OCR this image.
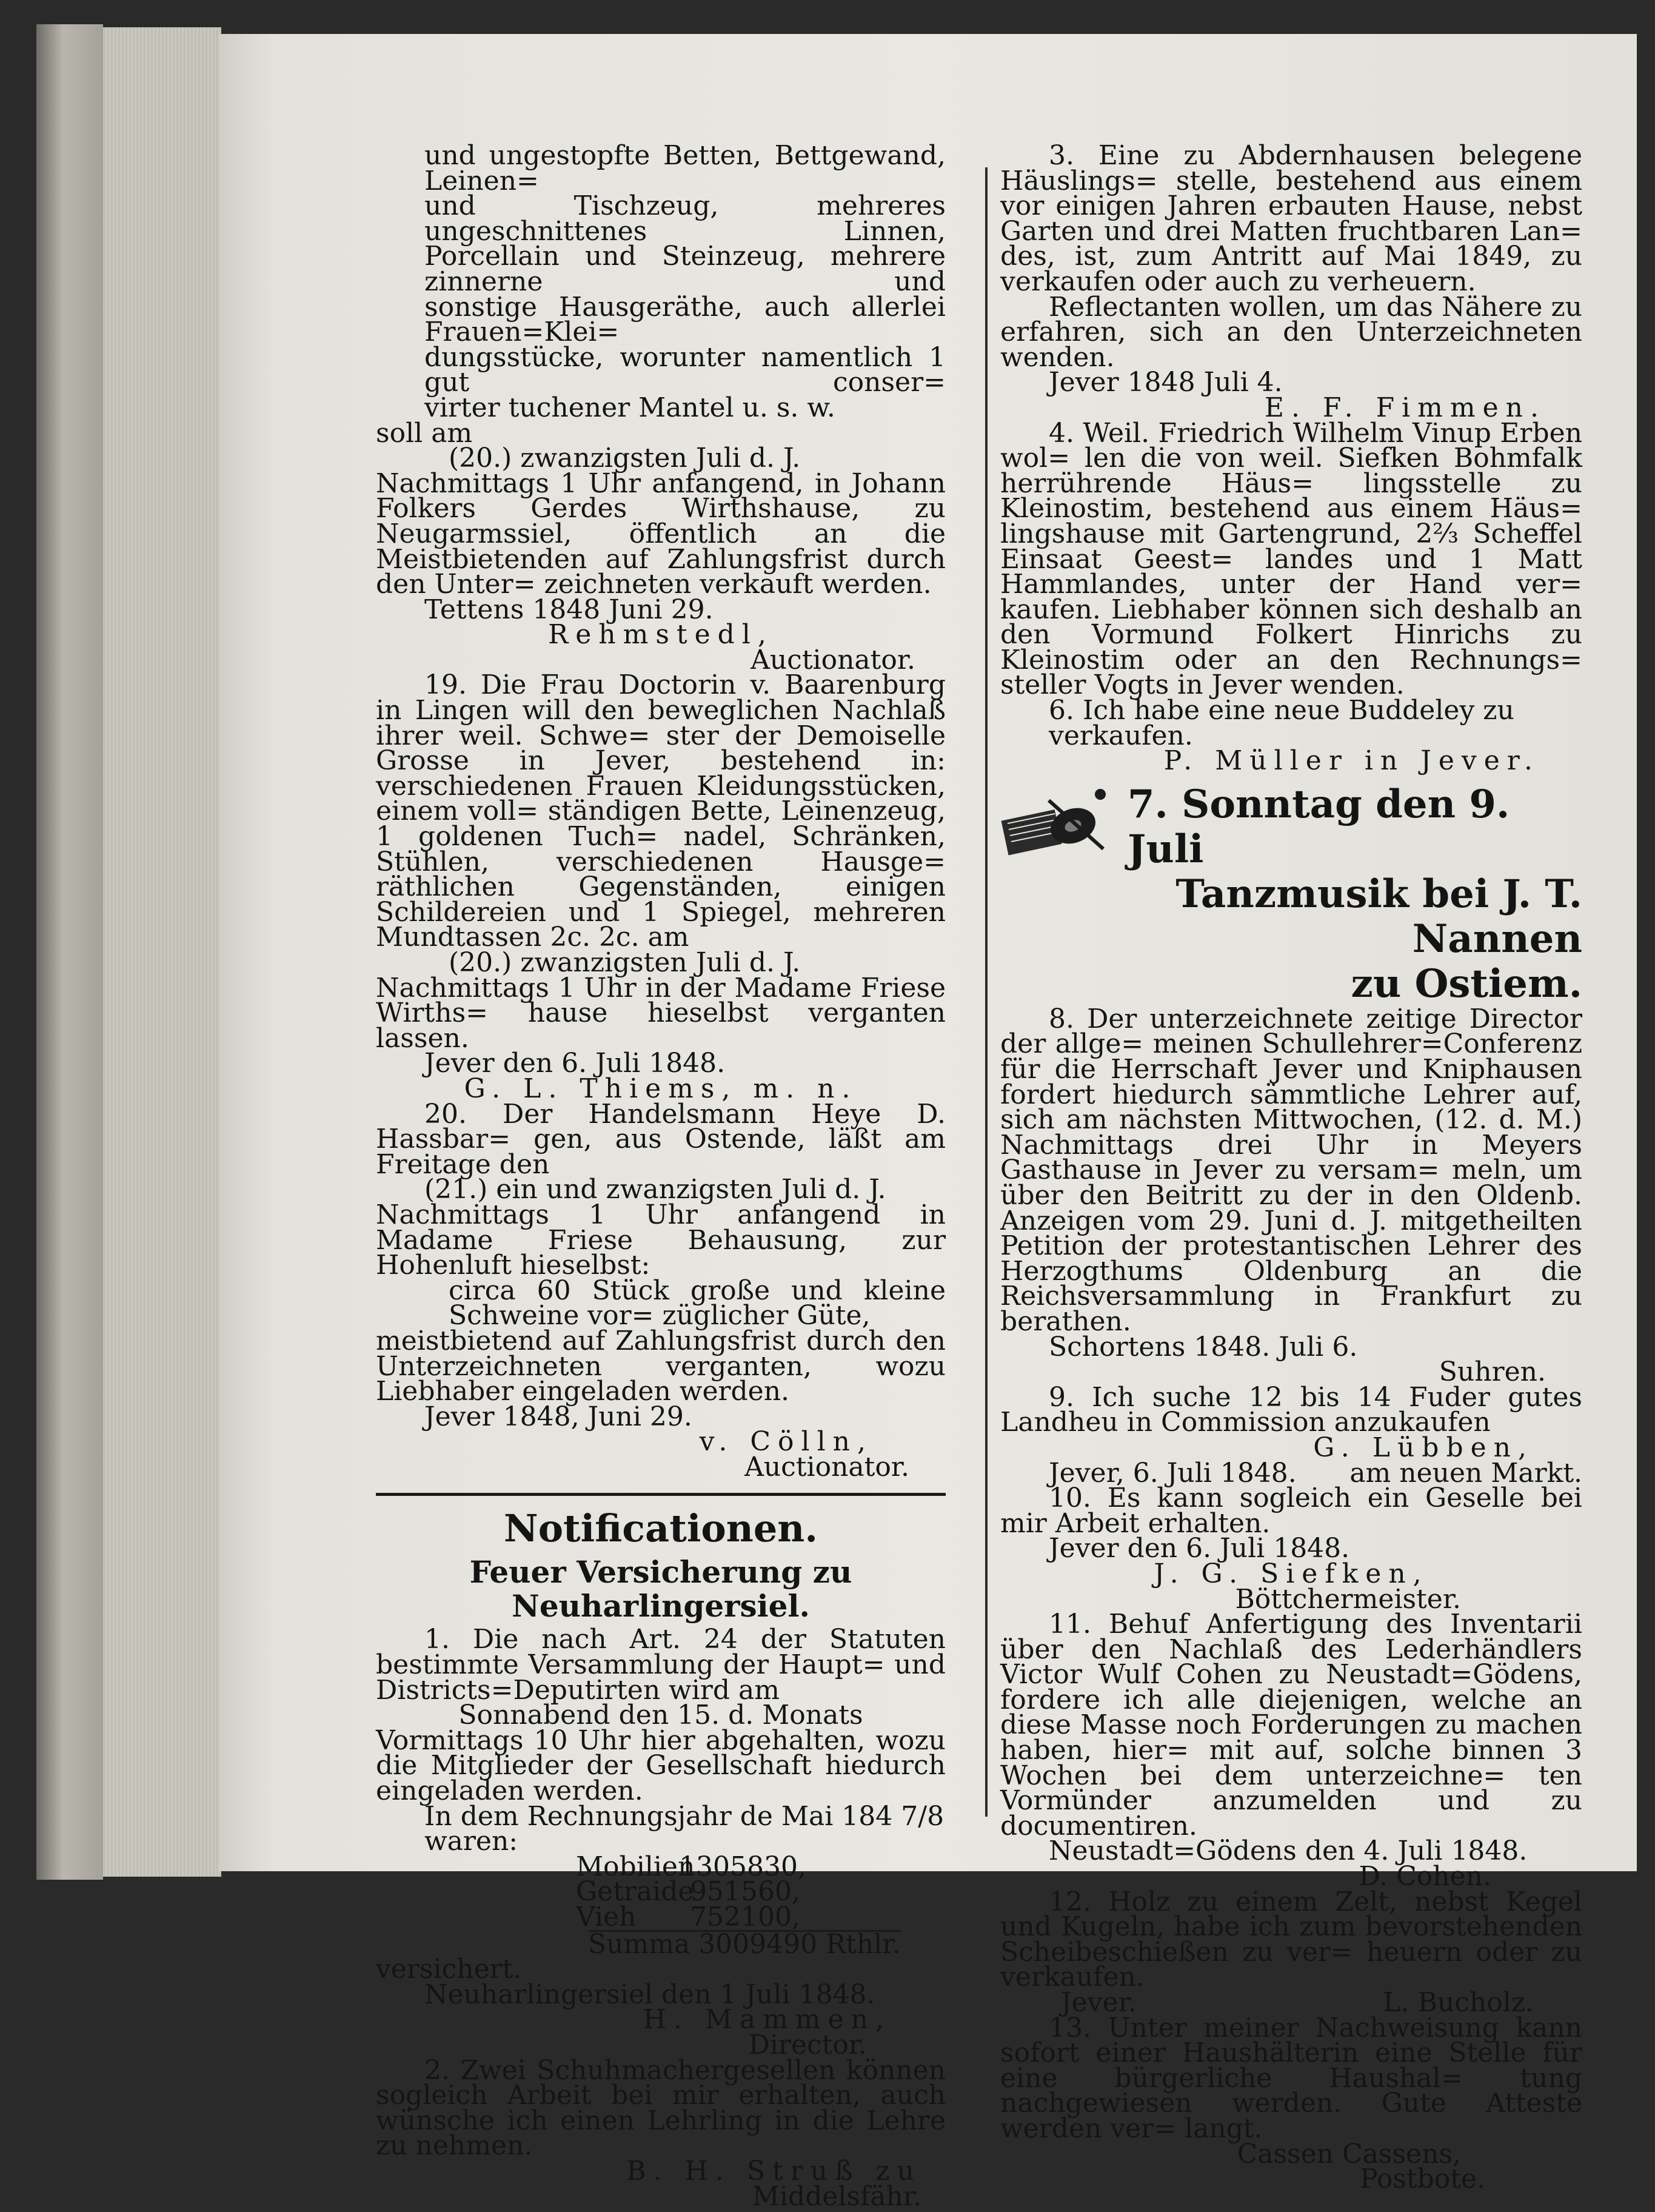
und ungestopfte Betten, Bettgewand, Leinen=

und Tischzeug, mehreres ungeschnittenes Linnen,

Porcellain und Steinzeug, mehrere zinnerne und

sonstige Hausgeräthe, auch allerlei Frauen=Klei=

dungsstücke, worunter namentlich 1 gut conser=

virter tuchener Mantel u. s. w.

soll am

(20.) zwanzigsten Juli d. J.

Nachmittags 1 Uhr anfangend, in Johann Folkers Gerdes Wirthshause, zu Neugarmssiel, öffentlich an die Meistbietenden auf Zahlungsfrist durch den Unter= zeichneten verkauft werden.

Tettens 1848 Juni 29.

Rehmstedl,

Auctionator.

19. Die Frau Doctorin v. Baarenburg in Lingen will den beweglichen Nachlaß ihrer weil. Schwe= ster der Demoiselle Grosse in Jever, bestehend in: verschiedenen Frauen Kleidungsstücken, einem voll= ständigen Bette, Leinenzeug, 1 goldenen Tuch= nadel, Schränken, Stühlen, verschiedenen Hausge= räthlichen Gegenständen, einigen Schildereien und 1 Spiegel, mehreren Mundtassen 2c. 2c. am

(20.) zwanzigsten Juli d. J.

Nachmittags 1 Uhr in der Madame Friese Wirths= hause hieselbst verganten lassen.

Jever den 6. Juli 1848.

G. L. Thiems, m. n.

20. Der Handelsmann Heye D. Hassbar= gen, aus Ostende, läßt am Freitage den

(21.) ein und zwanzigsten Juli d. J.

Nachmittags 1 Uhr anfangend in Madame Friese Behausung, zur Hohenluft hieselbst:

circa 60 Stück große und kleine Schweine vor= züglicher Güte,

meistbietend auf Zahlungsfrist durch den Unterzeichneten verganten, wozu Liebhaber eingeladen werden.

Jever 1848, Juni 29.

v. Cölln,

Auctionator.

Notificationen.

Feuer Versicherung zu Neuharlingersiel.

1. Die nach Art. 24 der Statuten bestimmte Versammlung der Haupt= und Districts=Deputirten wird am

Sonnabend den 15. d. Monats

Vormittags 10 Uhr hier abgehalten, wozu die Mitglieder der Gesellschaft hiedurch eingeladen werden.

In dem Rechnungsjahr de Mai 184 7/8 waren:

Mobilien1305830,
Getraide951560,
Vieh 752100,

Summa 3009490 Rthlr.

versichert.

Neuharlingersiel den 1 Juli 1848.

H. Mammen,

Director.

2. Zwei Schuhmachergesellen können sogleich Arbeit bei mir erhalten, auch wünsche ich einen Lehrling in die Lehre zu nehmen.

B. H. Struß zu

Middelsfähr.

3. Eine zu Abdernhausen belegene Häuslings= stelle, bestehend aus einem vor einigen Jahren erbauten Hause, nebst Garten und drei Matten fruchtbaren Lan= des, ist, zum Antritt auf Mai 1849, zu verkaufen oder auch zu verheuern.

Reflectanten wollen, um das Nähere zu erfahren, sich an den Unterzeichneten wenden.

Jever 1848 Juli 4.

E. F. Fimmen.

4. Weil. Friedrich Wilhelm Vinup Erben wol= len die von weil. Siefken Bohmfalk herrührende Häus= lingsstelle zu Kleinostim, bestehend aus einem Häus= lingshause mit Gartengrund, 2⅔ Scheffel Einsaat Geest= landes und 1 Matt Hammlandes, unter der Hand ver= kaufen. Liebhaber können sich deshalb an den Vormund Folkert Hinrichs zu Kleinostim oder an den Rechnungs= steller Vogts in Jever wenden.

6. Ich habe eine neue Buddeley zu verkaufen.

P. Müller in Jever.

7. Sonntag den 9. Juli

Tanzmusik bei J. T. Nannen

zu Ostiem.

8. Der unterzeichnete zeitige Director der allge= meinen Schullehrer=Conferenz für die Herrschaft Jever und Kniphausen fordert hiedurch sämmtliche Lehrer auf, sich am nächsten Mittwochen, (12. d. M.) Nachmittags drei Uhr in Meyers Gasthause in Jever zu versam= meln, um über den Beitritt zu der in den Oldenb. Anzeigen vom 29. Juni d. J. mitgetheilten Petition der protestantischen Lehrer des Herzogthums Oldenburg an die Reichsversammlung in Frankfurt zu berathen.

Schortens 1848. Juli 6.

Suhren.

9. Ich suche 12 bis 14 Fuder gutes Landheu in Commission anzukaufen

G. Lübben,

Jever, 6. Juli 1848. am neuen Markt.

10. Es kann sogleich ein Geselle bei mir Arbeit erhalten.

Jever den 6. Juli 1848.

J. G. Siefken,

Böttchermeister.

11. Behuf Anfertigung des Inventarii über den Nachlaß des Lederhändlers Victor Wulf Cohen zu Neustadt=Gödens, fordere ich alle diejenigen, welche an diese Masse noch Forderungen zu machen haben, hier= mit auf, solche binnen 3 Wochen bei dem unterzeichne= ten Vormünder anzumelden und zu documentiren.

Neustadt=Gödens den 4. Juli 1848.

D. Cohen.

12. Holz zu einem Zelt, nebst Kegel und Kugeln, habe ich zum bevorstehenden Scheibeschießen zu ver= heuern oder zu verkaufen.

Jever.	L. Bucholz.

13. Unter meiner Nachweisung kann sofort einer Haushälterin eine Stelle für eine bürgerliche Haushal= tung nachgewiesen werden. Gute Atteste werden ver= langt.

Cassen Cassens,

Postbote.
